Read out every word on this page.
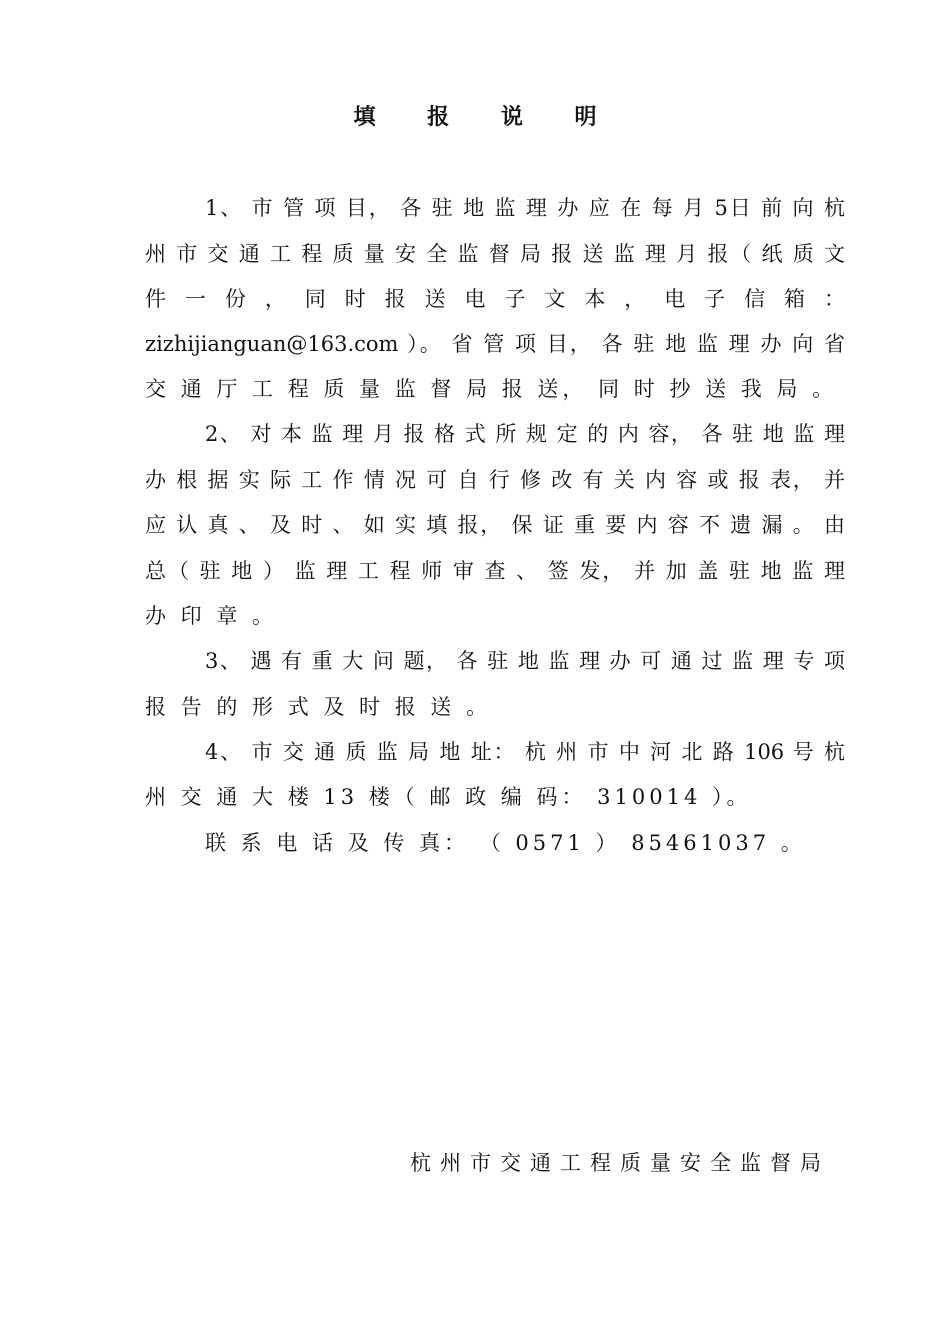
填 报 说 明
1、 市 管 项 目， 各 驻 地 监 理 办 应 在 每 月 5日 前 向 杭
州 市 交 通 工 程 质 量 安 全 监 督 局 报 送 监 理 月 报（ 纸 质 文
件 一 份 ， 同 时 报 送 电 子 文 本 ， 电 子 信 箱 ：
zizhijianguan@163.com ）。 省 管 项 目， 各 驻 地 监 理 办 向 省
交 通 厅 工 程 质 量 监 督 局 报 送， 同 时 抄 送 我 局 。
2、 对 本 监 理 月 报 格 式 所 规 定 的 内 容， 各 驻 地 监 理
办 根 据 实 际 工 作 情 况 可 自 行 修 改 有 关 内 容 或 报 表， 并
应 认 真 、 及 时 、 如 实 填 报， 保 证 重 要 内 容 不 遗 漏 。 由
总（ 驻 地 ） 监 理 工 程 师 审 查 、 签 发， 并 加 盖 驻 地 监 理
办 印 章 。
3、 遇 有 重 大 问 题， 各 驻 地 监 理 办 可 通 过 监 理 专 项
报 告 的 形 式 及 时 报 送 。
4、 市 交 通 质 监 局 地 址： 杭 州 市 中 河 北 路 106 号 杭
州 交 通 大 楼 13 楼（ 邮 政 编 码： 310014 ）。
联 系 电 话 及 传 真： （ 0571 ） 85461037 。
杭州市交通工程质量安全监督局
